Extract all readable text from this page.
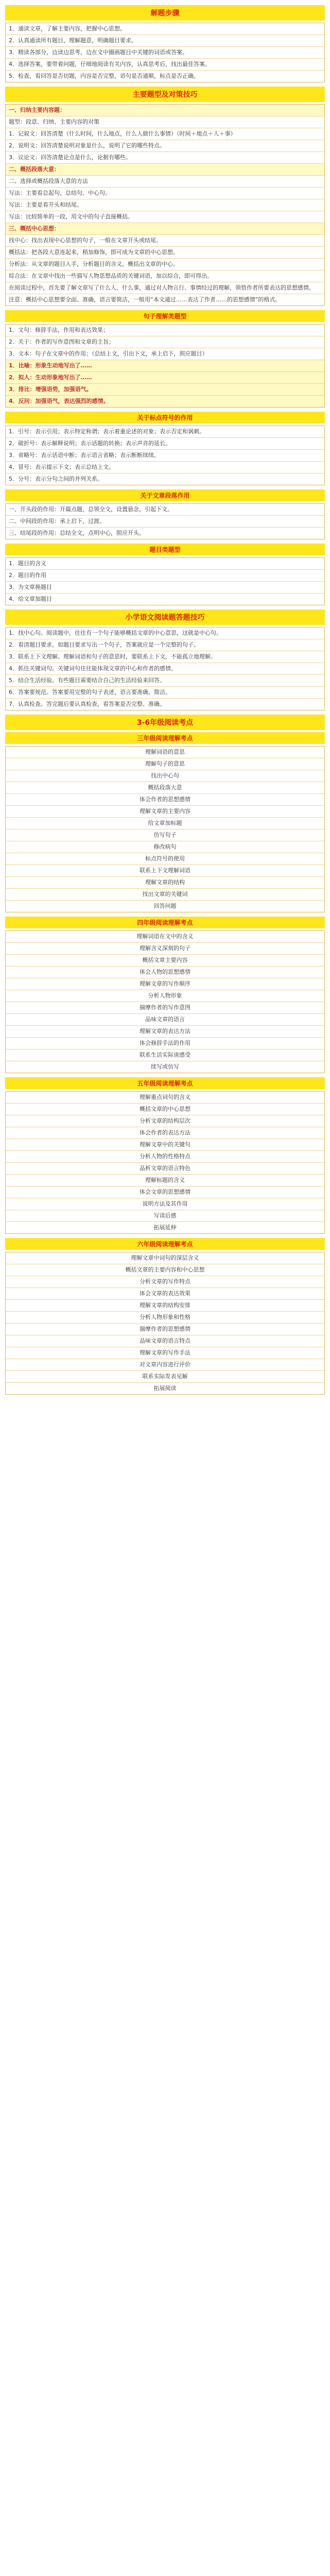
解题步骤
1．通读文章，了解主要内容，把握中心思想。
2．认真通读所有题目，理解题意，明确题目要求。
3．精读各部分，边读边思考，边在文中圈画题目中关键的词语或答案。
4．选择答案，要带着问题，仔细地阅读有关内容，认真思考后，找出最佳答案。
5．检查，看回答是否切题，内容是否完整，语句是否通顺，标点是否正确。
主要题型及对策技巧
一、归纳主要内容题：
题型：段意、归纳、主要内容的对策
1．记叙文：回答清楚（什么时间，什么地点，什么人做什么事情）（时间＋地点＋人＋事）
2．说明文：回答清楚说明对象是什么，说明了它的哪些特点。
3．议论文：回答清楚论点是什么，论据有哪些。
二、概括段落大意：
二、选择或概括段落大意的方法
写法：主要看总起句、总结句、中心句。
写法：主要是看开头和结尾。
写法：比较简单的一段，用文中的句子直接概括。
三、概括中心思想：
找中心：找出表现中心思想的句子，一般在文章开头或结尾。
概括法：把各段大意连起来，稍加修饰，即可成为文章的中心思想。
分析法：从文章的题目入手，分析题目的含义，概括出文章的中心。
综合法：在文章中找出一些描写人物思想品质的关键词语，加以综合，即可得出。
在阅读过程中，首先要了解文章写了什么人、什么事，通过对人物言行、事情经过的理解，领悟作者所要表达的思想感情。
注意：概括中心思想要全面、准确，语言要简洁，一般用“本文通过……表达了作者……的思想感情”的格式。
句子理解类题型
1．文句：修辞手法，作用和表达效果；
2．关于：作者的写作意图和文章的主旨；
3．文本：句子在文章中的作用；（总结上文，引出下文，承上启下，照应题目）
1．比喻：形象生动地写出了……
2．拟人：生动形象地写出了……
3．排比：增强语势，加强语气。
4．反问：加强语气，表达强烈的感情。
关于标点符号的作用
1．引号：表示引用；表示特定称谓；表示着重论述的对象；表示否定和讽刺。
2．破折号：表示解释说明；表示话题的转换；表示声音的延长。
3．省略号：表示话语中断；表示语言省略；表示断断续续。
4．冒号：表示提示下文；表示总结上文。
5．分号：表示分句之间的并列关系。
关于文章段落作用
一、开头段的作用：开篇点题，总领全文，设置悬念，引起下文。
二、中间段的作用：承上启下，过渡。
三、结尾段的作用：总结全文，点明中心，照应开头。
题目类题型
1．题目的含义
2．题目的作用
3．为文章换题目
4．给文章加题目
小学语文阅读题答题技巧
1．找中心句。阅读题中，往往有一个句子能够概括文章的中心意思，这就是中心句。
2．看清题目要求。如题目要求写出一个句子，答案就应是一个完整的句子。
3．联系上下文理解。理解词语和句子的意思时，要联系上下文，不能孤立地理解。
4．抓住关键词句。关键词句往往能体现文章的中心和作者的感情。
5．结合生活经验。有些题目需要结合自己的生活经验来回答。
6．答案要规范。答案要用完整的句子表述，语言要准确、简洁。
7．认真检查。答完题后要认真检查，看答案是否完整、准确。
3-6年级阅读考点
三年级阅读理解考点
理解词语的意思
理解句子的意思
找出中心句
概括段落大意
体会作者的思想感情
理解文章的主要内容
给文章加标题
仿写句子
修改病句
标点符号的使用
联系上下文理解词语
理解文章的结构
找出文章的关键词
回答问题
四年级阅读理解考点
理解词语在文中的含义
理解含义深刻的句子
概括文章主要内容
体会人物的思想感情
理解文章的写作顺序
分析人物形象
揣摩作者的写作意图
品味文章的语言
理解文章的表达方法
体会修辞手法的作用
联系生活实际谈感受
续写或仿写
五年级阅读理解考点
理解重点词句的含义
概括文章的中心思想
分析文章的结构层次
体会作者的表达方法
理解文章中的关键句
分析人物的性格特点
品析文章的语言特色
理解标题的含义
体会文章的思想感情
说明方法及其作用
写读后感
拓展延伸
六年级阅读理解考点
理解文章中词句的深层含义
概括文章的主要内容和中心思想
分析文章的写作特点
体会文章的表达效果
理解文章的结构安排
分析人物形象和性格
揣摩作者的思想感情
品味文章的语言特点
理解文章的写作手法
对文章内容进行评价
联系实际发表见解
拓展阅读
